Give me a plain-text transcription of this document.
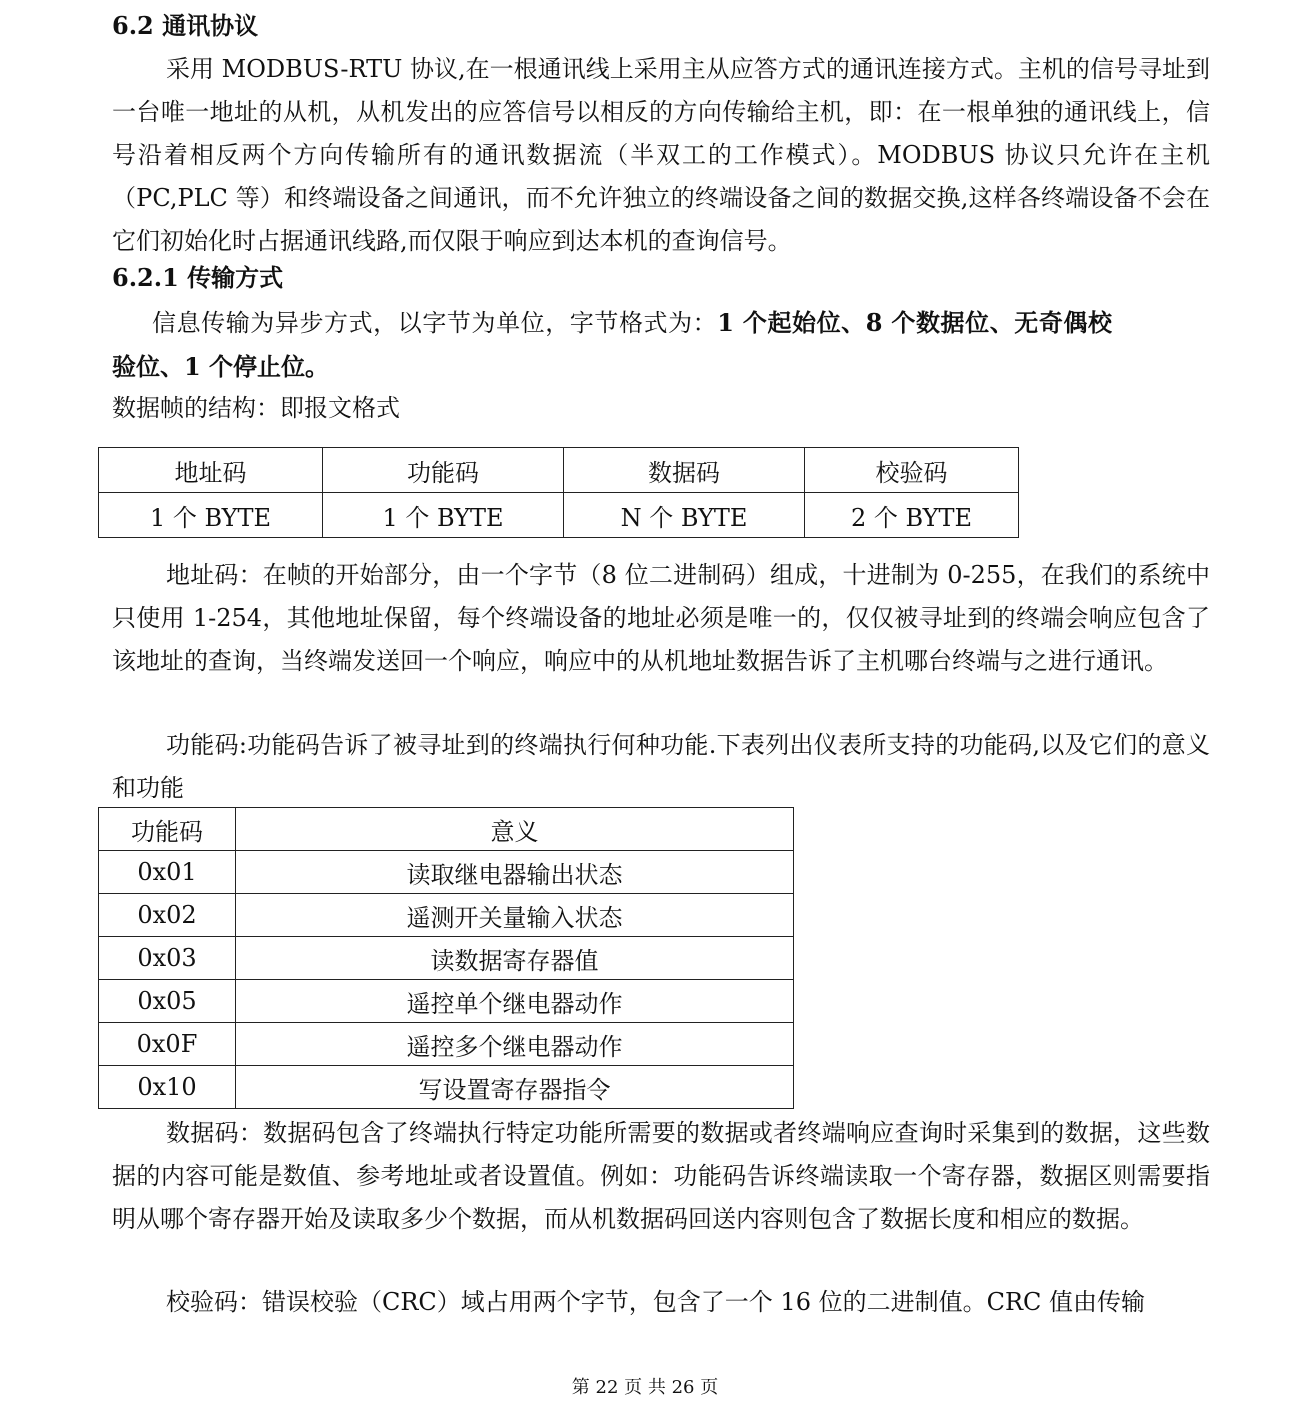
6.2 通讯协议
采用 MODBUS-RTU 协议,在一根通讯线上采用主从应答方式的通讯连接方式。主机的信号寻址到一台唯一地址的从机，从机发出的应答信号以相反的方向传输给主机，即：在一根单独的通讯线上，信号沿着相反两个方向传输所有的通讯数据流（半双工的工作模式）。MODBUS 协议只允许在主机（PC,PLC 等）和终端设备之间通讯，而不允许独立的终端设备之间的数据交换,这样各终端设备不会在它们初始化时占据通讯线路,而仅限于响应到达本机的查询信号。
6.2.1 传输方式
信息传输为异步方式，以字节为单位，字节格式为：1 个起始位、8 个数据位、无奇偶校验位、1 个停止位。
数据帧的结构：即报文格式
地址码	功能码	数据码	校验码
1 个 BYTE	1 个 BYTE	N 个 BYTE	2 个 BYTE
地址码：在帧的开始部分，由一个字节（8 位二进制码）组成，十进制为 0-255，在我们的系统中只使用 1-254，其他地址保留，每个终端设备的地址必须是唯一的，仅仅被寻址到的终端会响应包含了该地址的查询，当终端发送回一个响应，响应中的从机地址数据告诉了主机哪台终端与之进行通讯。
功能码:功能码告诉了被寻址到的终端执行何种功能.下表列出仪表所支持的功能码,以及它们的意义和功能
功能码	意义
0x01	读取继电器输出状态
0x02	遥测开关量输入状态
0x03	读数据寄存器值
0x05	遥控单个继电器动作
0x0F	遥控多个继电器动作
0x10	写设置寄存器指令
数据码：数据码包含了终端执行特定功能所需要的数据或者终端响应查询时采集到的数据，这些数据的内容可能是数值、参考地址或者设置值。例如：功能码告诉终端读取一个寄存器，数据区则需要指明从哪个寄存器开始及读取多少个数据，而从机数据码回送内容则包含了数据长度和相应的数据。
校验码：错误校验（CRC）域占用两个字节，包含了一个 16 位的二进制值。CRC 值由传输
第 22 页 共 26 页
